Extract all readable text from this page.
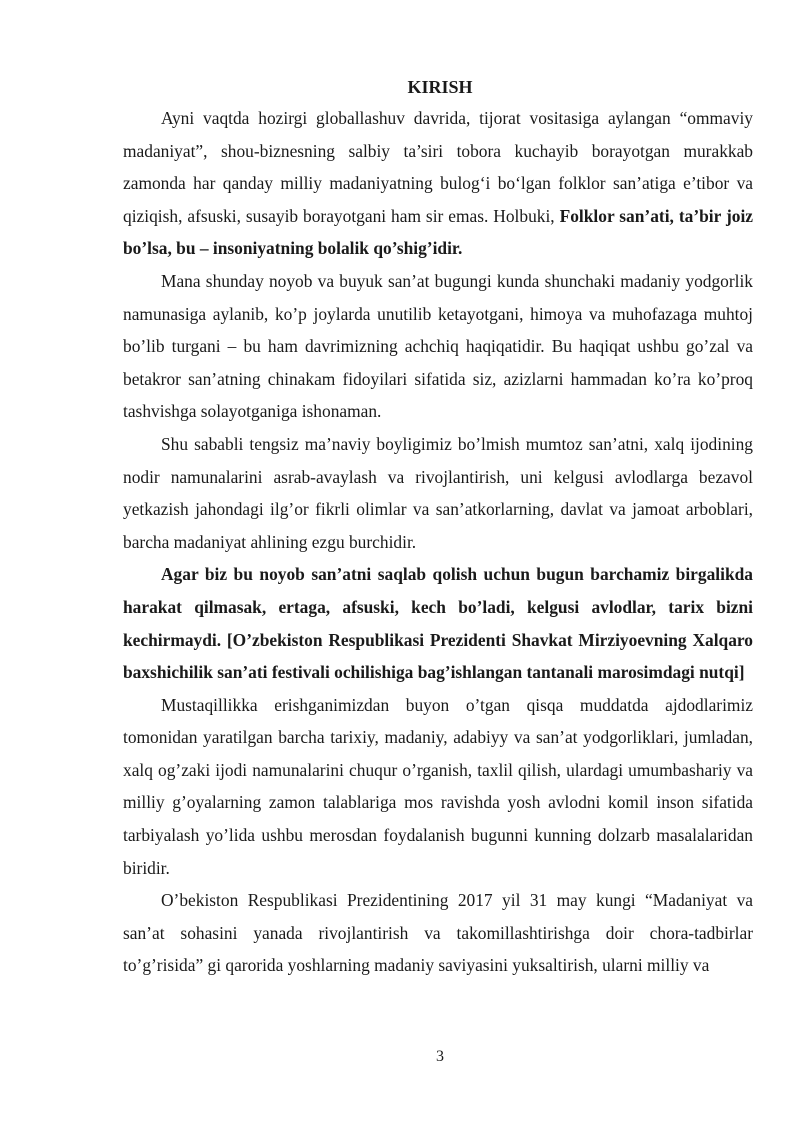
KIRISH

Ayni vaqtda hozirgi globallashuv davrida, tijorat vositasiga aylangan “ommaviy madaniyat”, shou-biznesning salbiy ta’siri tobora kuchayib borayotgan murakkab zamonda har qanday milliy madaniyatning bulog‘i bo‘lgan folklor san’atiga e’tibor va qiziqish, afsuski, susayib borayotgani ham sir emas. Holbuki, Folklor san’ati, ta’bir joiz bo’lsa, bu – insoniyatning bolalik qo’shig’idir.

Mana shunday noyob va buyuk san’at bugungi kunda shunchaki madaniy yodgorlik namunasiga aylanib, ko’p joylarda unutilib ketayotgani, himoya va muhofazaga muhtoj bo’lib turgani – bu ham davrimizning achchiq haqiqatidir. Bu haqiqat ushbu go’zal va betakror san’atning chinakam fidoyilari sifatida siz, azizlarni hammadan ko’ra ko’proq tashvishga solayotganiga ishonaman.

Shu sababli tengsiz ma’naviy boyligimiz bo’lmish mumtoz san’atni, xalq ijodining nodir namunalarini asrab-avaylash va rivojlantirish, uni kelgusi avlodlarga bezavol yetkazish jahondagi ilg’or fikrli olimlar va san’atkorlarning, davlat va jamoat arboblari, barcha madaniyat ahlining ezgu burchidir.

Agar biz bu noyob san’atni saqlab qolish uchun bugun barchamiz birgalikda harakat qilmasak, ertaga, afsuski, kech bo’ladi, kelgusi avlodlar, tarix bizni kechirmaydi. [O’zbekiston Respublikasi Prezidenti Shavkat Mirziyoevning Xalqaro baxshichilik san’ati festivali ochilishiga bag’ishlangan tantanali marosimdagi nutqi]

Mustaqillikka erishganimizdan buyon o’tgan qisqa muddatda ajdodlarimiz tomonidan yaratilgan barcha tarixiy, madaniy, adabiyy va san’at yodgorliklari, jumladan, xalq og’zaki ijodi namunalarini chuqur o’rganish, taxlil qilish, ulardagi umumbashariy va milliy g’oyalarning zamon talablariga mos ravishda yosh avlodni komil inson sifatida tarbiyalash yo’lida ushbu merosdan foydalanish bugunni kunning dolzarb masalalaridan biridir.

O’bekiston Respublikasi Prezidentining 2017 yil 31 may kungi “Madaniyat va san’at sohasini yanada rivojlantirish va takomillashtirishga doir chora-tadbirlar to’g’risida” gi qarorida yoshlarning madaniy saviyasini yuksaltirish, ularni milliy va

3
